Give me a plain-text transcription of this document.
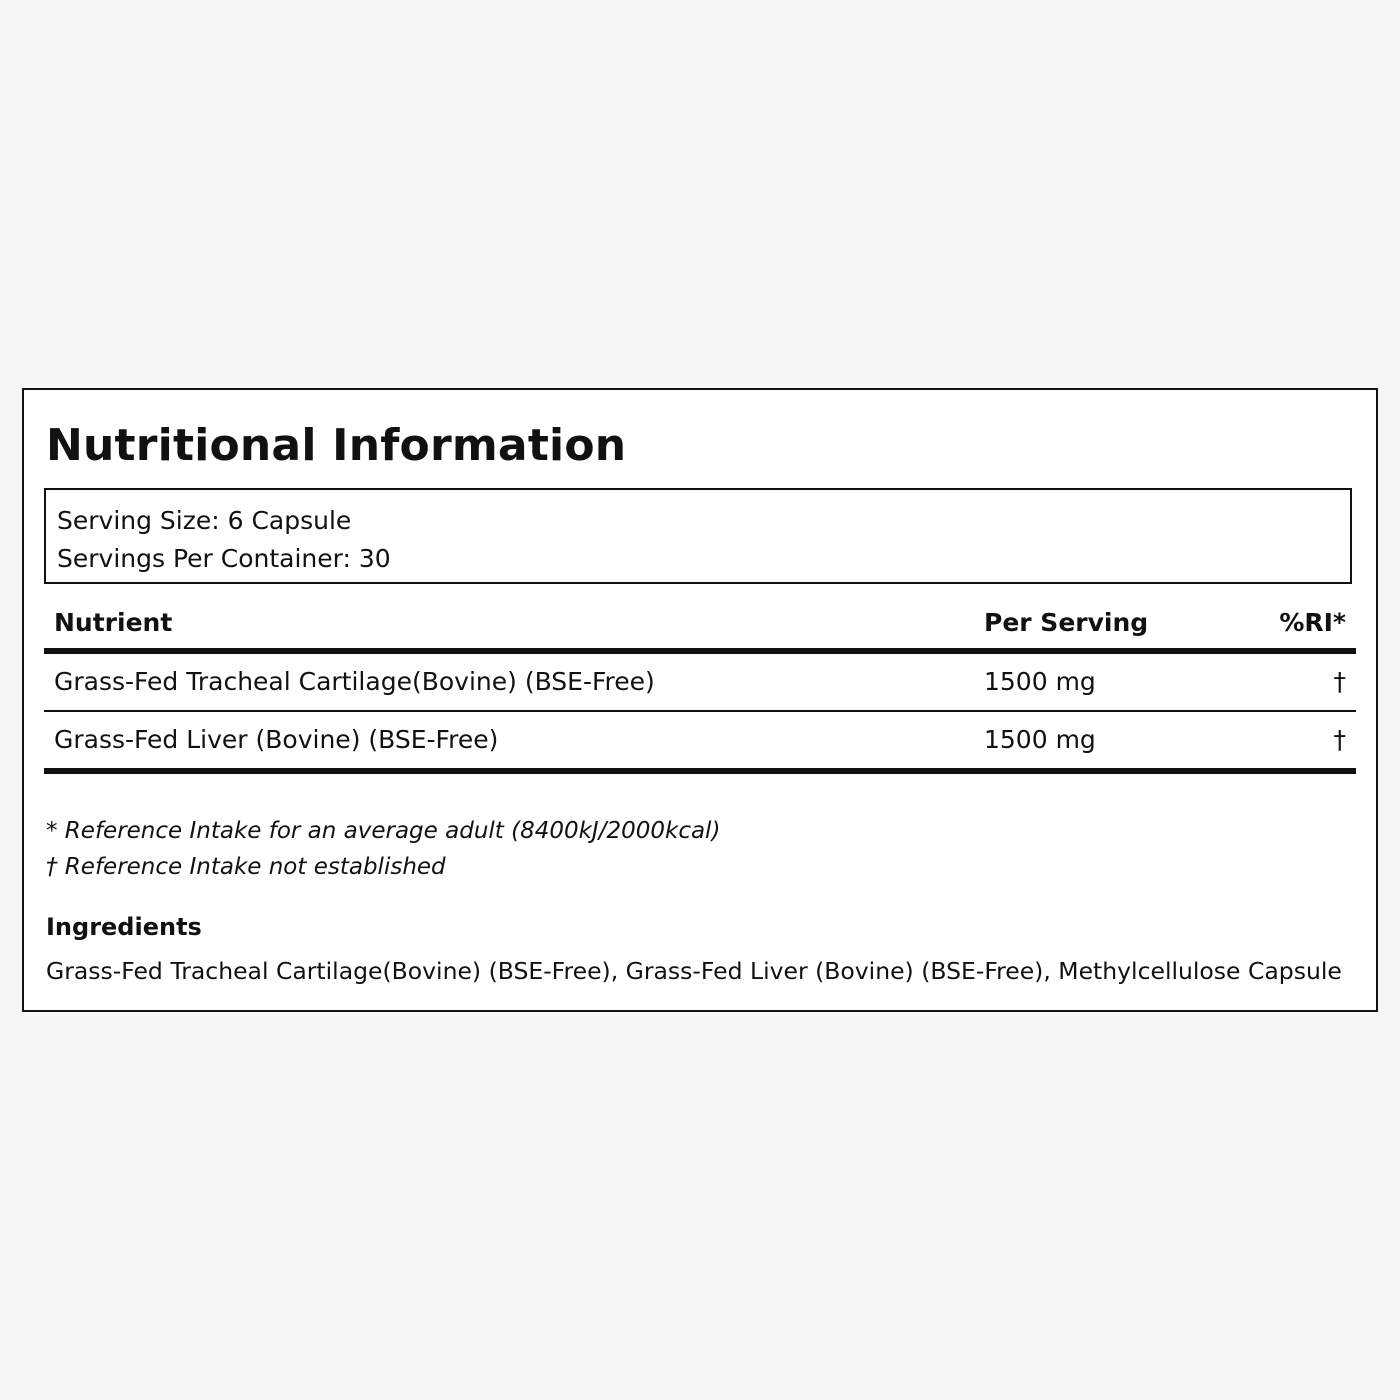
Nutritional Information
Serving Size: 6 Capsule
Servings Per Container: 30
Nutrient	Per Serving	%RI*
Grass-Fed Tracheal Cartilage(Bovine) (BSE-Free)	1500 mg	†
Grass-Fed Liver (Bovine) (BSE-Free)	1500 mg	†
* Reference Intake for an average adult (8400kJ/2000kcal)
† Reference Intake not established
Ingredients
Grass-Fed Tracheal Cartilage(Bovine) (BSE-Free), Grass-Fed Liver (Bovine) (BSE-Free), Methylcellulose Capsule
